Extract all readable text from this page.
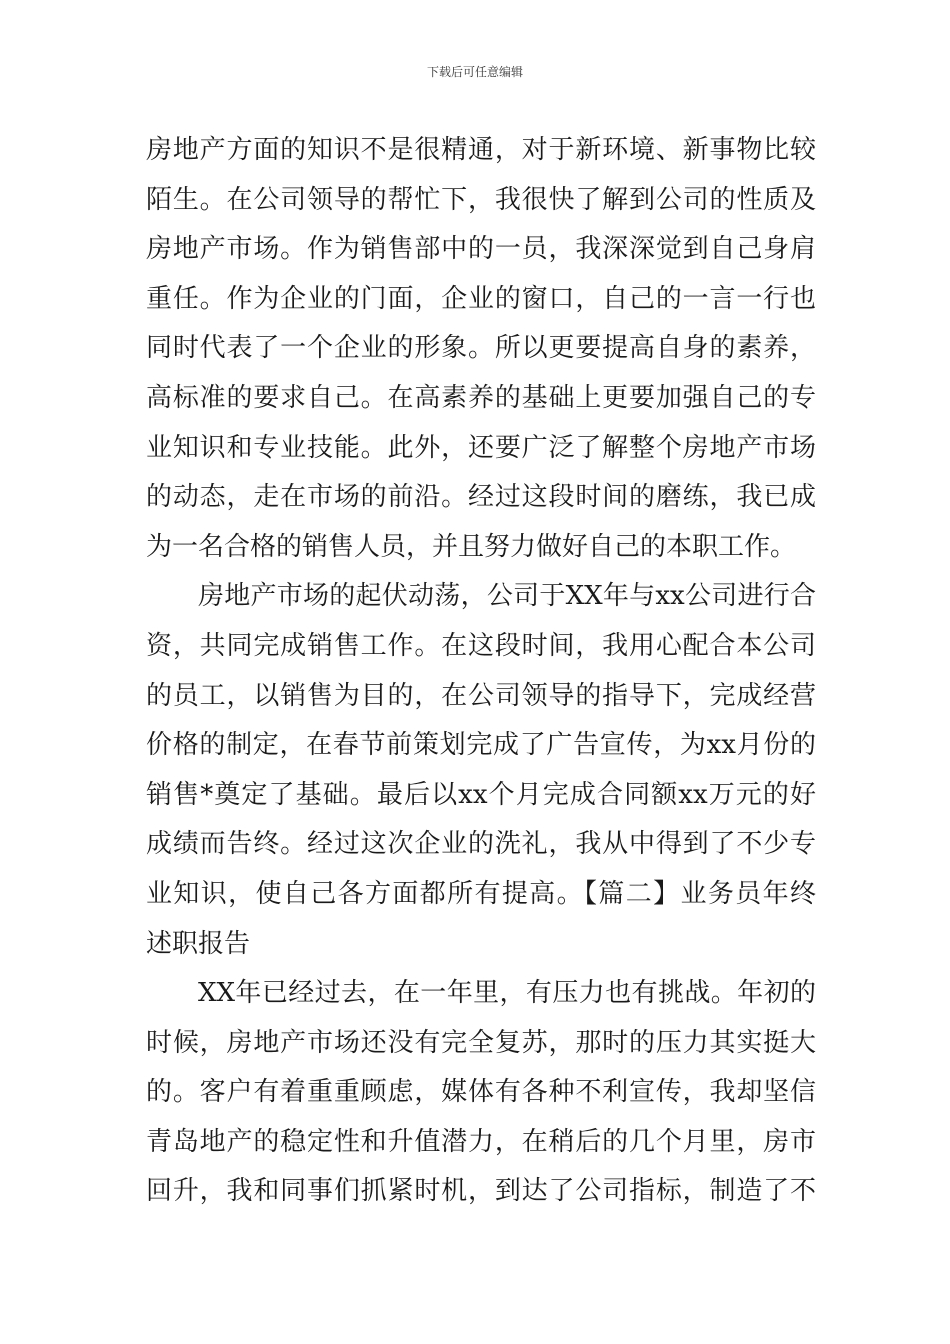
下载后可任意编辑
房地产方面的知识不是很精通，对于新环境、新事物比较
陌生。在公司领导的帮忙下，我很快了解到公司的性质及
房地产市场。作为销售部中的一员，我深深觉到自己身肩
重任。作为企业的门面，企业的窗口，自己的一言一行也
同时代表了一个企业的形象。所以更要提高自身的素养，
高标准的要求自己。在高素养的基础上更要加强自己的专
业知识和专业技能。此外，还要广泛了解整个房地产市场
的动态，走在市场的前沿。经过这段时间的磨练，我已成
为一名合格的销售人员，并且努力做好自己的本职工作。
房地产市场的起伏动荡，公司于XX年与xx公司进行合
资，共同完成销售工作。在这段时间，我用心配合本公司
的员工，以销售为目的，在公司领导的指导下，完成经营
价格的制定，在春节前策划完成了广告宣传，为xx月份的
销售*奠定了基础。最后以xx个月完成合同额xx万元的好
成绩而告终。经过这次企业的洗礼，我从中得到了不少专
业知识，使自己各方面都所有提高。【篇二】业务员年终
述职报告
XX年已经过去，在一年里，有压力也有挑战。年初的
时候，房地产市场还没有完全复苏，那时的压力其实挺大
的。客户有着重重顾虑，媒体有各种不利宣传，我却坚信
青岛地产的稳定性和升值潜力，在稍后的几个月里，房市
回升，我和同事们抓紧时机，到达了公司指标，制造了不
